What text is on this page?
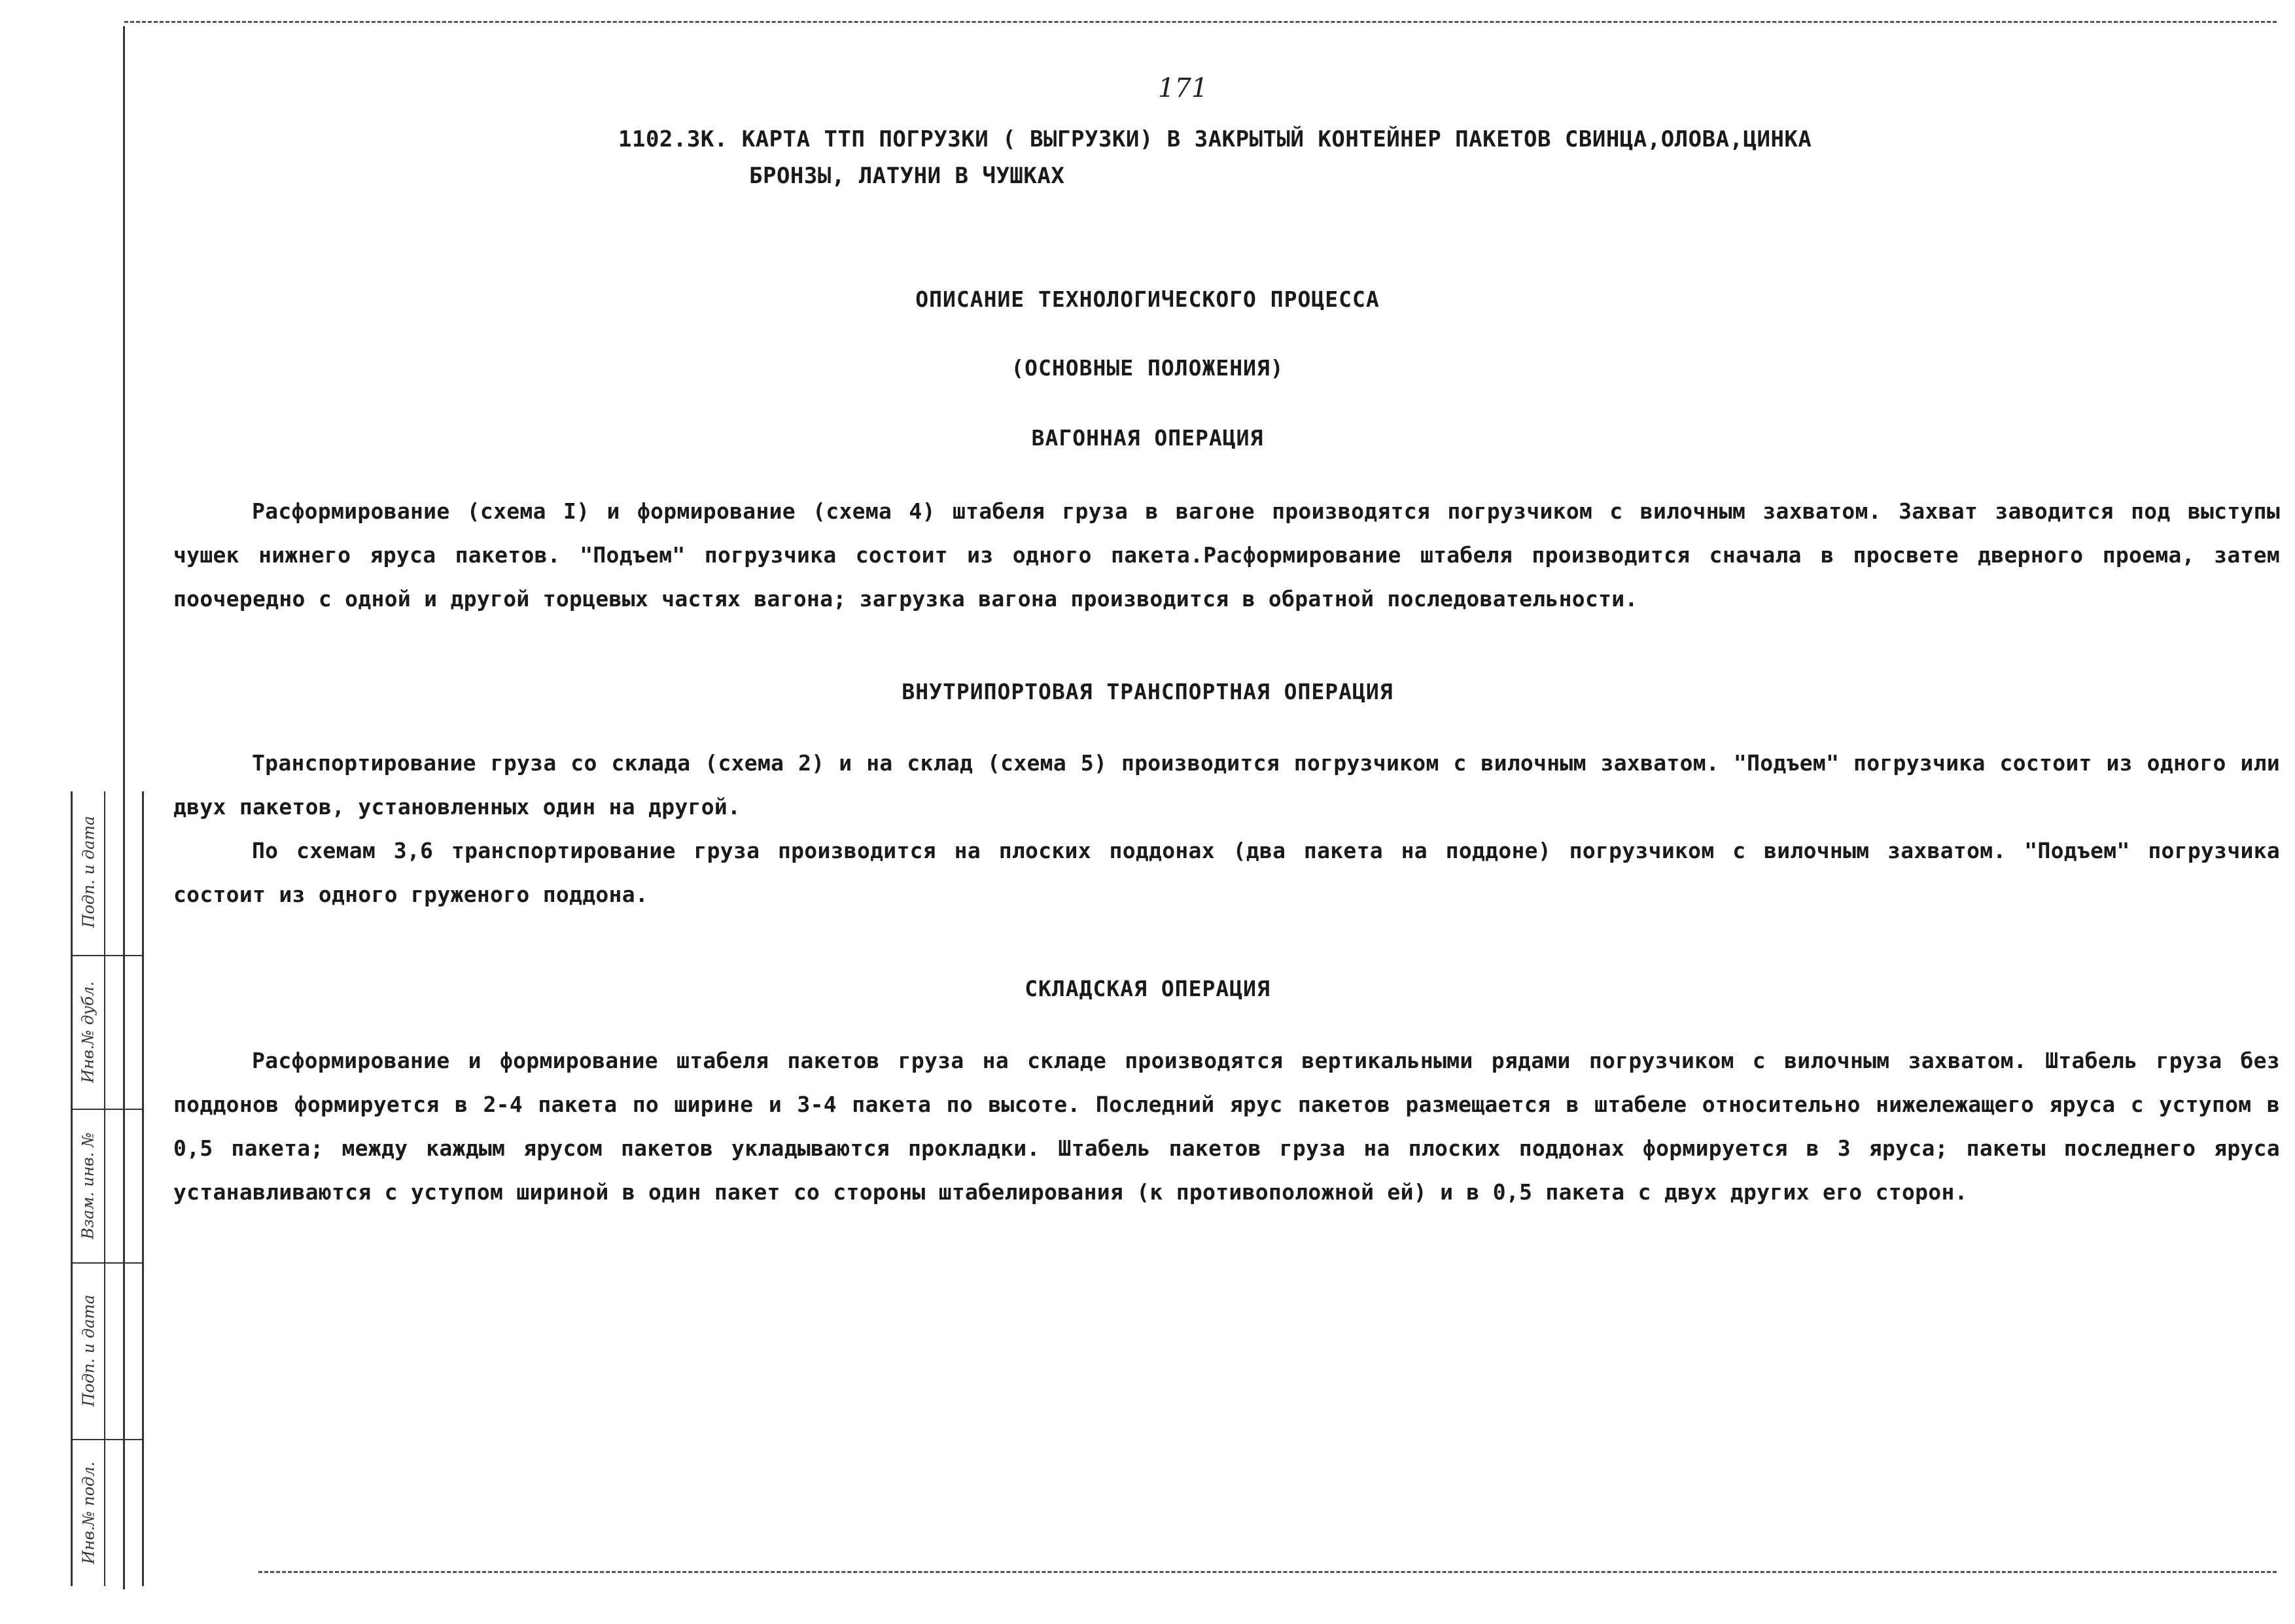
Инв.№ подл.
Подп. и дата
Взам. инв. №
Инв.№ дубл.
Подп. и дата
171
1102.3К. КАРТА ТТП ПОГРУЗКИ ( ВЫГРУЗКИ) В ЗАКРЫТЫЙ КОНТЕЙНЕР ПАКЕТОВ СВИНЦА,ОЛОВА,ЦИНКА
БРОНЗЫ, ЛАТУНИ В ЧУШКАХ
ОПИСАНИЕ ТЕХНОЛОГИЧЕСКОГО ПРОЦЕССА
(ОСНОВНЫЕ ПОЛОЖЕНИЯ)
ВАГОННАЯ ОПЕРАЦИЯ

Расформирование (схема I) и формирование (схема 4) штабеля груза в вагоне производятся погрузчиком с вилочным захватом. Захват заводится под выступы чушек нижнего яруса пакетов. "Подъем" погрузчика состоит из одного пакета.Расформирование штабеля производится сначала в просвете дверного проема, затем поочередно с одной и другой торцевых частях вагона; загрузка вагона производится в обратной последовательности.

ВНУТРИПОРТОВАЯ ТРАНСПОРТНАЯ ОПЕРАЦИЯ

Транспортирование груза со склада (схема 2) и на склад (схема 5) производится погрузчиком с вилочным захватом. "Подъем" погрузчика состоит из одного или двух пакетов, установленных один на другой.

По схемам 3,6 транспортирование груза производится на плоских поддонах (два пакета на поддоне) погрузчиком с вилочным захватом. "Подъем" погрузчика состоит из одного груженого поддона.

СКЛАДСКАЯ ОПЕРАЦИЯ

Расформирование и формирование штабеля пакетов груза на складе производятся вертикальными рядами погрузчиком с вилочным захватом. Штабель груза без поддонов формируется в 2-4 пакета по ширине и 3-4 пакета по высоте. Последний ярус пакетов размещается в штабеле относительно нижележащего яруса с уступом в 0,5 пакета; между каждым ярусом пакетов укладываются прокладки. Штабель пакетов груза на плоских поддонах формируется в 3 яруса; пакеты последнего яруса устанавливаются с уступом шириной в один пакет со стороны штабелирования (к противоположной ей) и в 0,5 пакета с двух других его сторон.
